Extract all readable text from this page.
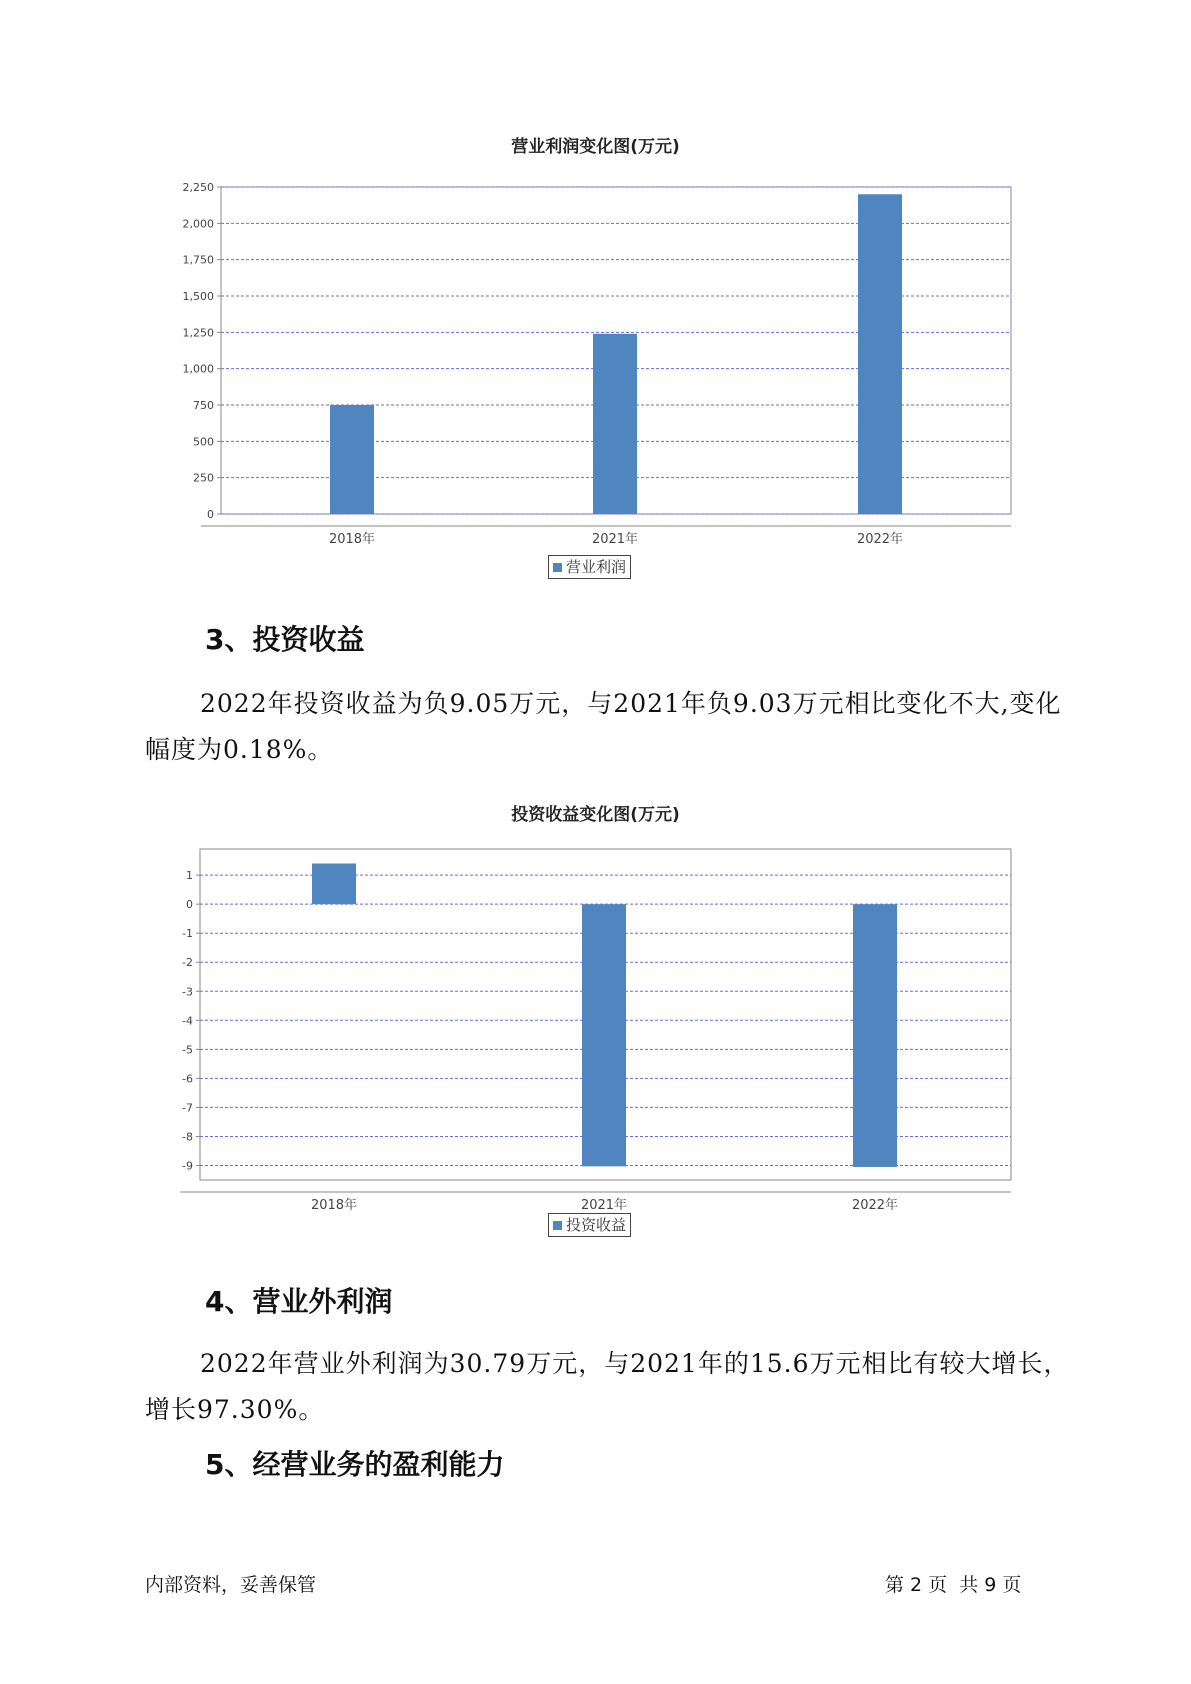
营业利润变化图(万元)
0
250
500
750
1,000
1,250
1,500
1,750
2,000
2,250
2018年	2021年	2022年
营业利润
3、投资收益
2022年投资收益为负9.05万元，与2021年负9.03万元相比变化不大,变化幅度为0.18%。
投资收益变化图(万元)
1
0
-1
-2
-3
-4
-5
-6
-7
-8
-9
2018年	2021年	2022年
投资收益
4、营业外利润
2022年营业外利润为30.79万元，与2021年的15.6万元相比有较大增长，增长97.30%。
5、经营业务的盈利能力
内部资料，妥善保管	第 2 页  共 9 页
